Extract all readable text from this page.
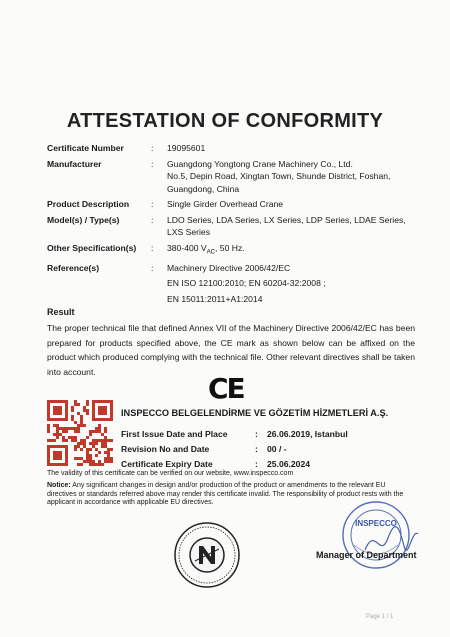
ATTESTATION OF CONFORMITY
Certificate Number	:	19095601
Manufacturer	:	Guangdong Yongtong Crane Machinery Co., Ltd.
No.5, Depin Road, Xingtan Town, Shunde District, Foshan,
Guangdong, China
Product Description	:	Single Girder Overhead Crane
Model(s) / Type(s)	:	LDO Series, LDA Series, LX Series, LDP Series, LDAE Series,
LXS Series
Other Specification(s)	:	380-400 $V_{AC}$, 50 Hz.
Reference(s)	:	Machinery Directive 2006/42/EC
EN ISO 12100:2010; EN 60204-32:2008 ;
EN 15011:2011+A1:2014
Result
The proper technical file that defined Annex VII of the Machinery Directive 2006/42/EC has been prepared for products specified above, the CE mark as shown below can be affixed on the product which produced complying with the technical file. Other relevant directives shall be taken into account.
CE
INSPECCO BELGELENDİRME VE GÖZETİM HİZMETLERİ A.Ş.
First Issue Date and Place	:	26.06.2019, Istanbul
Revision No and Date	:	00 / -
Certificate Expiry Date	:	25.06.2024
The validity of this certificate can be verified on our website, www.inspecco.com
Notice: Any significant changes in design and/or production of the product or amendments to the relevant EU directives or standards referred above may render this certificate invalid. The responsibility of product rests with the applicant in accordance with applicable EU directives.
INSPECCO
Manager of Department
Page 1 / 1
